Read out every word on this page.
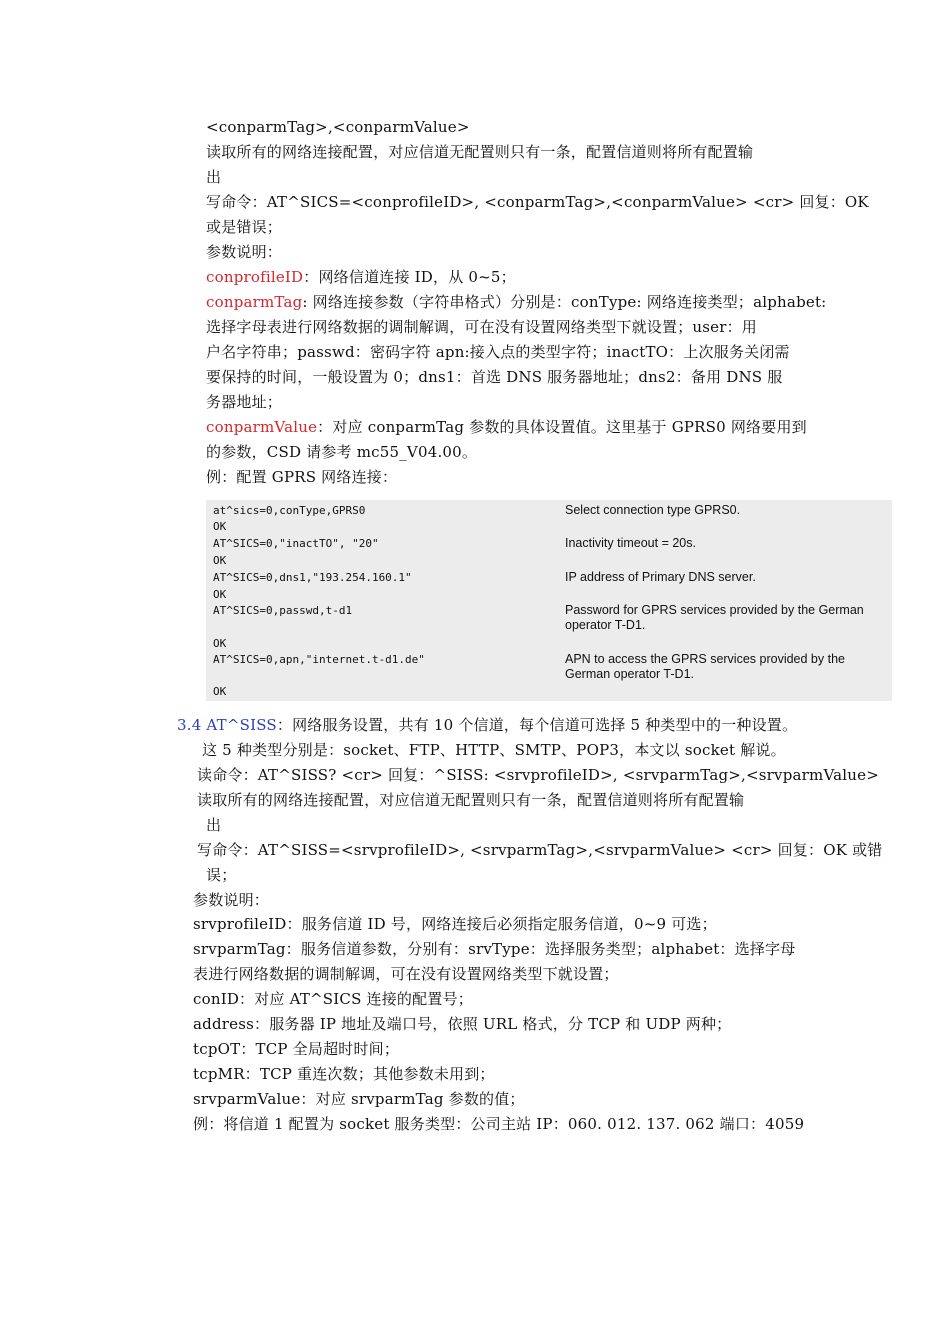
<conparmTag>,<conparmValue>
读取所有的网络连接配置，对应信道无配置则只有一条，配置信道则将所有配置输
出
写命令：AT^SICS=<conprofileID>, <conparmTag>,<conparmValue> <cr> 回复：OK
或是错误；
参数说明：
conprofileID：网络信道连接 ID，从 0~5；
conparmTag: 网络连接参数（字符串格式）分别是：conType: 网络连接类型；alphabet:
选择字母表进行网络数据的调制解调，可在没有设置网络类型下就设置；user：用
户名字符串；passwd：密码字符 apn:接入点的类型字符；inactTO：上次服务关闭需
要保持的时间，一般设置为 0；dns1：首选 DNS 服务器地址；dns2：备用 DNS 服
务器地址；
conparmValue：对应 conparmTag 参数的具体设置值。这里基于 GPRS0 网络要用到
的参数，CSD 请参考 mc55_V04.00。
例：配置 GPRS 网络连接：
at^sics=0,conType,GPRS0	Select connection type GPRS0.
OK
AT^SICS=0,"inactTO", "20"	Inactivity timeout = 20s.
OK
AT^SICS=0,dns1,"193.254.160.1"	IP address of Primary DNS server.
OK
AT^SICS=0,passwd,t-d1	Password for GPRS services provided by the German operator T-D1.
OK
AT^SICS=0,apn,"internet.t-d1.de"	APN to access the GPRS services provided by the German operator T-D1.
OK
3.4 AT^SISS：网络服务设置，共有 10 个信道，每个信道可选择 5 种类型中的一种设置。
这 5 种类型分别是：socket、FTP、HTTP、SMTP、POP3，本文以 socket 解说。
读命令：AT^SISS? <cr> 回复：^SISS: <srvprofileID>, <srvparmTag>,<srvparmValue>
读取所有的网络连接配置，对应信道无配置则只有一条，配置信道则将所有配置输
出
写命令：AT^SISS=<srvprofileID>, <srvparmTag>,<srvparmValue> <cr> 回复：OK 或错
误；
参数说明：
srvprofileID：服务信道 ID 号，网络连接后必须指定服务信道，0~9 可选；
srvparmTag：服务信道参数，分别有：srvType：选择服务类型；alphabet：选择字母
表进行网络数据的调制解调，可在没有设置网络类型下就设置；
conID：对应 AT^SICS 连接的配置号；
address：服务器 IP 地址及端口号，依照 URL 格式，分 TCP 和 UDP 两种；
tcpOT：TCP 全局超时时间；
tcpMR：TCP 重连次数；其他参数未用到；
srvparmValue：对应 srvparmTag 参数的值；
例：将信道 1 配置为 socket 服务类型：公司主站 IP：060. 012. 137. 062 端口：4059
